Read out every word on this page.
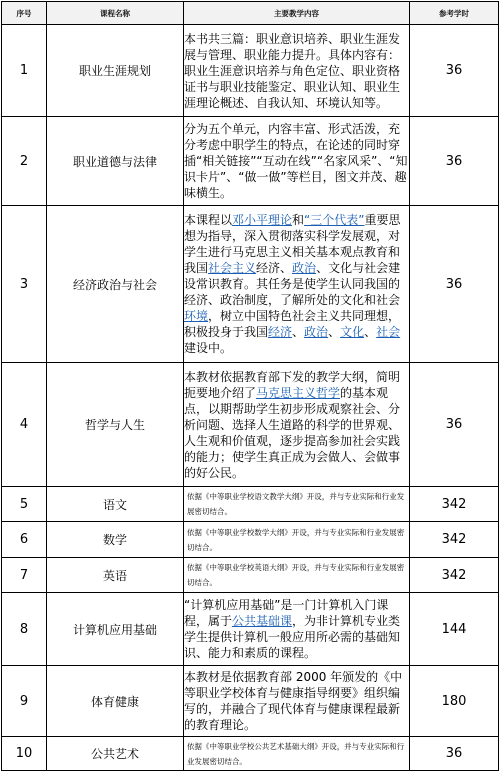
序号	课程名称	主要教学内容	参考学时
1	职业生涯规划	本书共三篇：职业意识培养、职业生涯发展与管理、职业能力提升。具体内容有：职业生涯意识培养与角色定位、职业资格证书与职业技能鉴定、职业认知、职业生涯理论概述、自我认知、环境认知等。	36
2	职业道德与法律	分为五个单元，内容丰富、形式活泼，充分考虑中职学生的特点，在论述的同时穿插“相关链接”“互动在线”“名家风采”、“知识卡片”、“做一做”等栏目，图文并茂、趣味横生。	36
3	经济政治与社会	本课程以邓小平理论和“三个代表”重要思想为指导，深入贯彻落实科学发展观，对学生进行马克思主义相关基本观点教育和我国社会主义经济、政治、文化与社会建设常识教育。其任务是使学生认同我国的经济、政治制度，了解所处的文化和社会环境，树立中国特色社会主义共同理想，积极投身于我国经济、政治、文化、社会建设中。	36
4	哲学与人生	本教材依据教育部下发的教学大纲，简明扼要地介绍了马克思主义哲学的基本观点，以期帮助学生初步形成观察社会、分析问题、选择人生道路的科学的世界观、人生观和价值观，逐步提高参加社会实践的能力；使学生真正成为会做人、会做事的好公民。	36
5	语文	依据《中等职业学校语文教学大纲》开设，并与专业实际和行业发展密切结合。	342
6	数学	依据《中等职业学校数学大纲》开设，并与专业实际和行业发展密切结合。	342
7	英语	依据《中等职业学校英语大纲》开设，并与专业实际和行业发展密切结合。	342
8	计算机应用基础	“计算机应用基础”是一门计算机入门课程，属于公共基础课，为非计算机专业类学生提供计算机一般应用所必需的基础知识、能力和素质的课程。	144
9	体育健康	本教材是依据教育部 2000 年颁发的《中等职业学校体育与健康指导纲要》组织编写的，并融合了现代体育与健康课程最新的教育理论。	180
10	公共艺术	依据《中等职业学校公共艺术基础大纲》开设，并与专业实际和行业发展密切结合。	36
